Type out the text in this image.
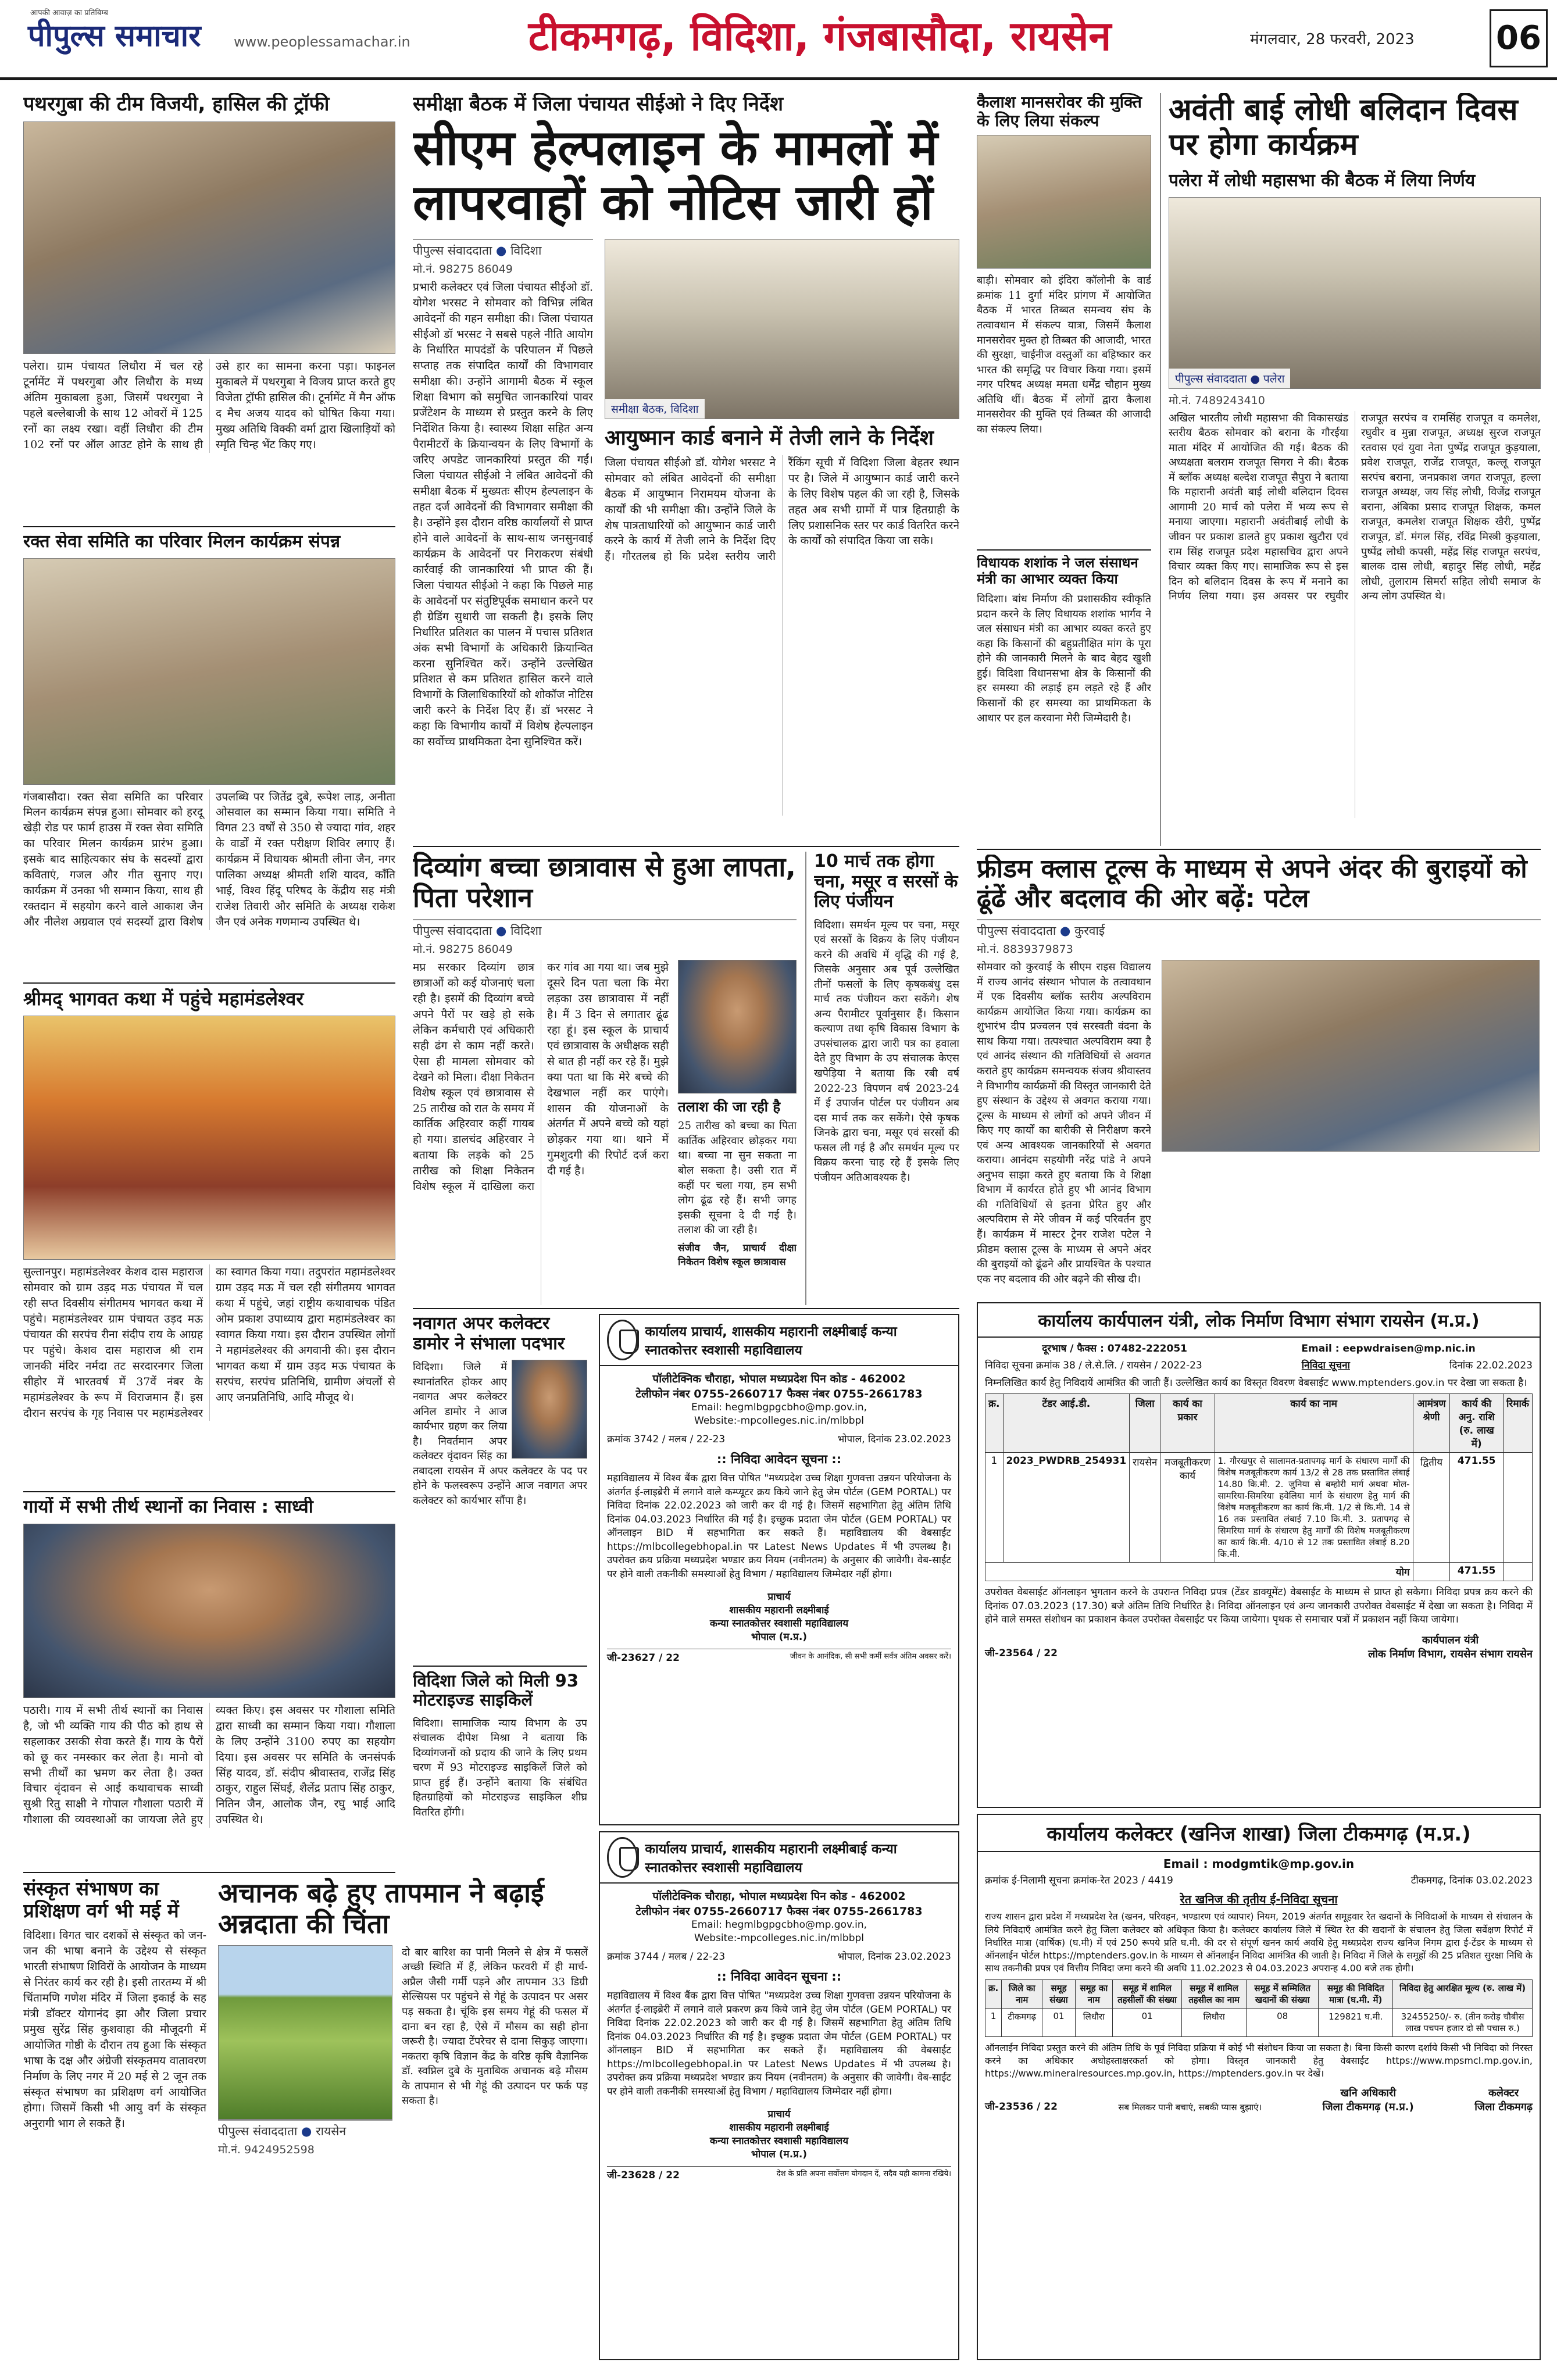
आपकी आवाज़ का प्रतिबिम्ब
पीपुल्स समाचार www.peoplessamachar.in	टीकमगढ़, विदिशा, गंजबासौदा, रायसेन	मंगलवार, 28 फरवरी, 2023	06
पथरगुबा की टीम विजयी, हासिल की ट्रॉफी
पलेरा। ग्राम पंचायत लिधौरा में चल रहे टूर्नामेंट में पथरगुबा और लिधौरा के मध्य अंतिम मुकाबला हुआ, जिसमें पथरगुबा ने पहले बल्लेबाजी के साथ 12 ओवरों में 125 रनों का लक्ष्य रखा। वहीं लिधौरा की टीम 102 रनों पर ऑल आउट होने के साथ ही उसे हार का सामना करना पड़ा। फाइनल मुकाबले में पथरगुबा ने विजय प्राप्त करते हुए विजेता ट्रॉफी हासिल की। टूर्नामेंट में मैन ऑफ द मैच अजय यादव को घोषित किया गया। मुख्य अतिथि विक्की वर्मा द्वारा खिलाड़ियों को स्मृति चिन्ह भेंट किए गए।
रक्त सेवा समिति का परिवार मिलन कार्यक्रम संपन्न
गंजबासौदा। रक्त सेवा समिति का परिवार मिलन कार्यक्रम संपन्न हुआ। सोमवार को हरदू खेड़ी रोड पर फार्म हाउस में रक्त सेवा समिति का परिवार मिलन कार्यक्रम प्रारंभ हुआ। इसके बाद साहित्यकार संघ के सदस्यों द्वारा कविताएं, गजल और गीत सुनाए गए। कार्यक्रम में उनका भी सम्मान किया, साथ ही रक्तदान में सहयोग करने वाले आकाश जैन और नीलेश अग्रवाल एवं सदस्यों द्वारा विशेष उपलब्धि पर जितेंद्र दुबे, रूपेश लाड़, अनीता ओसवाल का सम्मान किया गया। समिति ने विगत 23 वर्षों से 350 से ज्यादा गांव, शहर के वार्डों में रक्त परीक्षण शिविर लगाए हैं। कार्यक्रम में विधायक श्रीमती लीना जैन, नगर पालिका अध्यक्ष श्रीमती शशि यादव, काँति भाई, विश्व हिंदू परिषद के केंद्रीय सह मंत्री राजेश तिवारी और समिति के अध्यक्ष राकेश जैन एवं अनेक गणमान्य उपस्थित थे।
श्रीमद् भागवत कथा में पहुंचे महामंडलेश्वर
सुल्तानपुर। महामंडलेश्वर केशव दास महाराज सोमवार को ग्राम उड़द मऊ पंचायत में चल रही सप्त दिवसीय संगीतमय भागवत कथा में पहुंचे। महामंडलेश्वर ग्राम पंचायत उड़द मऊ पंचायत की सरपंच रीना संदीप राय के आग्रह पर पहुंचे। केशव दास महाराज श्री राम जानकी मंदिर नर्मदा तट सरदारनगर जिला सीहोर में भारतवर्ष में 37वें नंबर के महामंडलेश्वर के रूप में विराजमान हैं। इस दौरान सरपंच के गृह निवास पर महामंडलेश्वर का स्वागत किया गया। तदुपरांत महामंडलेश्वर ग्राम उड़द मऊ में चल रही संगीतमय भागवत कथा में पहुंचे, जहां राष्ट्रीय कथावाचक पंडित ओम प्रकाश उपाध्याय द्वारा महामंडलेश्वर का स्वागत किया गया। इस दौरान उपस्थित लोगों ने महामंडलेश्वर की अगवानी की। इस दौरान भागवत कथा में ग्राम उड़द मऊ पंचायत के सरपंच, सरपंच प्रतिनिधि, ग्रामीण अंचलों से आए जनप्रतिनिधि, आदि मौजूद थे।
गायों में सभी तीर्थ स्थानों का निवास : साध्वी
पठारी। गाय में सभी तीर्थ स्थानों का निवास है, जो भी व्यक्ति गाय की पीठ को हाथ से सहलाकर उसकी सेवा करते हैं। गाय के पैरों को छू कर नमस्कार कर लेता है। मानो वो सभी तीर्थों का भ्रमण कर लेता है। उक्त विचार वृंदावन से आई कथावाचक साध्वी सुश्री रितु साक्षी ने गोपाल गौशाला पठारी में गौशाला की व्यवस्थाओं का जायजा लेते हुए व्यक्त किए। इस अवसर पर गौशाला समिति द्वारा साध्वी का सम्मान किया गया। गौशाला के लिए उन्होंने 3100 रुपए का सहयोग दिया। इस अवसर पर समिति के जनसंपर्क सिंह यादव, डॉ. संदीप श्रीवास्तव, राजेंद्र सिंह ठाकुर, राहुल सिंघई, शैलेंद्र प्रताप सिंह ठाकुर, नितिन जैन, आलोक जैन, रघु भाई आदि उपस्थित थे।
संस्कृत संभाषण का प्रशिक्षण वर्ग भी मई में
विदिशा। विगत चार दशकों से संस्कृत को जन-जन की भाषा बनाने के उद्देश्य से संस्कृत भारती संभाषण शिविरों के आयोजन के माध्यम से निरंतर कार्य कर रही है। इसी तारतम्य में श्री चिंतामणि गणेश मंदिर में जिला इकाई के सह मंत्री डॉक्टर योगानंद झा और जिला प्रचार प्रमुख सुरेंद्र सिंह कुशवाहा की मौजूदगी में आयोजित गोष्ठी के दौरान तय हुआ कि संस्कृत भाषा के दक्ष और अंग्रेजी संस्कृतमय वातावरण निर्माण के लिए नगर में 20 मई से 2 जून तक संस्कृत संभाषण का प्रशिक्षण वर्ग आयोजित होगा। जिसमें किसी भी आयु वर्ग के संस्कृत अनुरागी भाग ले सकते हैं।
समीक्षा बैठक में जिला पंचायत सीईओ ने दिए निर्देश
सीएम हेल्पलाइन के मामलों में लापरवाहों को नोटिस जारी हों
पीपुल्स संवाददाता ● विदिशा
मो.नं. 98275 86049
प्रभारी कलेक्टर एवं जिला पंचायत सीईओ डॉ. योगेश भरसट ने सोमवार को विभिन्न लंबित आवेदनों की गहन समीक्षा की। जिला पंचायत सीईओ डॉ भरसट ने सबसे पहले नीति आयोग के निर्धारित मापदंडों के परिपालन में पिछले सप्ताह तक संपादित कार्यों की विभागवार समीक्षा की। उन्होंने आगामी बैठक में स्कूल शिक्षा विभाग को समुचित जानकारियां पावर प्रजेंटेशन के माध्यम से प्रस्तुत करने के लिए निर्देशित किया है। स्वास्थ्य शिक्षा सहित अन्य पैरामीटरों के क्रियान्वयन के लिए विभागों के जरिए अपडेट जानकारियां प्रस्तुत की गईं। जिला पंचायत सीईओ ने लंबित आवेदनों की समीक्षा बैठक में मुख्यतः सीएम हेल्पलाइन के तहत दर्ज आवेदनों की विभागवार समीक्षा की है। उन्होंने इस दौरान वरिष्ठ कार्यालयों से प्राप्त होने वाले आवेदनों के साथ-साथ जनसुनवाई कार्यक्रम के आवेदनों पर निराकरण संबंधी कार्रवाई की जानकारियां भी प्राप्त की हैं। जिला पंचायत सीईओ ने कहा कि पिछले माह के आवेदनों पर संतुष्टिपूर्वक समाधान करने पर ही ग्रेडिंग सुधारी जा सकती है। इसके लिए निर्धारित प्रतिशत का पालन में पचास प्रतिशत अंक सभी विभागों के अधिकारी क्रियान्वित करना सुनिश्चित करें। उन्होंने उल्लेखित प्रतिशत से कम प्रतिशत हासिल करने वाले विभागों के जिलाधिकारियों को शोकॉज नोटिस जारी करने के निर्देश दिए हैं। डॉ भरसट ने कहा कि विभागीय कार्यों में विशेष हेल्पलाइन का सर्वोच्च प्राथमिकता देना सुनिश्चित करें।
समीक्षा बैठक, विदिशा
आयुष्मान कार्ड बनाने में तेजी लाने के निर्देश
जिला पंचायत सीईओ डॉ. योगेश भरसट ने सोमवार को लंबित आवेदनों की समीक्षा बैठक में आयुष्मान निरामयम योजना के कार्यों की भी समीक्षा की। उन्होंने जिले के शेष पात्रताधारियों को आयुष्मान कार्ड जारी करने के कार्य में तेजी लाने के निर्देश दिए हैं। गौरतलब हो कि प्रदेश स्तरीय जारी रैंकिंग सूची में विदिशा जिला बेहतर स्थान पर है। जिले में आयुष्मान कार्ड जारी करने के लिए विशेष पहल की जा रही है, जिसके तहत अब सभी ग्रामों में पात्र हितग्राही के लिए प्रशासनिक स्तर पर कार्ड वितरित करने के कार्यों को संपादित किया जा सके।
दिव्यांग बच्चा छात्रावास से हुआ लापता, पिता परेशान
पीपुल्स संवाददाता ● विदिशा
मो.नं. 98275 86049
मप्र सरकार दिव्यांग छात्र छात्राओं को कई योजनाएं चला रही है। इसमें की दिव्यांग बच्चे अपने पैरों पर खड़े हो सके लेकिन कर्मचारी एवं अधिकारी सही ढंग से काम नहीं करते। ऐसा ही मामला सोमवार को देखने को मिला। दीक्षा निकेतन विशेष स्कूल एवं छात्रावास से 25 तारीख को रात के समय में कार्तिक अहिरवार कहीं गायब हो गया। डालचंद अहिरवार ने बताया कि लड़के को 25 तारीख को शिक्षा निकेतन विशेष स्कूल में दाखिला करा कर गांव आ गया था। जब मुझे दूसरे दिन पता चला कि मेरा लड़का उस छात्रावास में नहीं है। मैं 3 दिन से लगातार ढूंढ रहा हूं। इस स्कूल के प्राचार्य एवं छात्रावास के अधीक्षक सही से बात ही नहीं कर रहे हैं। मुझे क्या पता था कि मेरे बच्चे की देखभाल नहीं कर पाएंगे। शासन की योजनाओं के अंतर्गत में अपने बच्चे को यहां छोड़कर गया था। थाने में गुमशुदगी की रिपोर्ट दर्ज करा दी गई है।
तलाश की जा रही है
25 तारीख को बच्चा का पिता कार्तिक अहिरवार छोड़कर गया था। बच्चा ना सुन सकता ना बोल सकता है। उसी रात में कहीं पर चला गया, हम सभी लोग ढूंढ रहे हैं। सभी जगह इसकी सूचना दे दी गई है। तलाश की जा रही है।
संजीव जैन, प्राचार्य दीक्षा निकेतन विशेष स्कूल छात्रावास
10 मार्च तक होगा चना, मसूर व सरसों के लिए पंजीयन
विदिशा। समर्थन मूल्य पर चना, मसूर एवं सरसों के विक्रय के लिए पंजीयन करने की अवधि में वृद्धि की गई है, जिसके अनुसार अब पूर्व उल्लेखित तीनों फसलों के लिए कृषकबंधु दस मार्च तक पंजीयन करा सकेंगे। शेष अन्य पैरामीटर पूर्वानुसार हैं। किसान कल्याण तथा कृषि विकास विभाग के उपसंचालक द्वारा जारी पत्र का हवाला देते हुए विभाग के उप संचालक केएस खपेड़िया ने बताया कि रबी वर्ष 2022-23 विपणन वर्ष 2023-24 में ई उपार्जन पोर्टल पर पंजीयन अब दस मार्च तक कर सकेंगे। ऐसे कृषक जिनके द्वारा चना, मसूर एवं सरसों की फसल ली गई है और समर्थन मूल्य पर विक्रय करना चाह रहे हैं इसके लिए पंजीयन अतिआवश्यक है।
कार्यालय प्राचार्य, शासकीय महारानी लक्ष्मीबाई कन्या स्नातकोत्तर स्वशासी महाविद्यालय
पॉलीटेक्निक चौराहा, भोपाल मध्यप्रदेश पिन कोड - 462002
टेलीफोन नंबर 0755-2660717 फैक्स नंबर 0755-2661783
Email: hegmlbgpgcbho@mp.gov.in,
Website:-mpcolleges.nic.in/mlbbpl
क्रमांक 3742 / मलब / 22-23	भोपाल, दिनांक 23.02.2023
:: निविदा आवेदन सूचना ::
महाविद्यालय में विश्व बैंक द्वारा वित्त पोषित "मध्यप्रदेश उच्च शिक्षा गुणवत्ता उन्नयन परियोजना के अंतर्गत ई-लाइब्रेरी में लगाने वाले कम्प्यूटर क्रय किये जाने हेतु जेम पोर्टल (GEM PORTAL) पर निविदा दिनांक 22.02.2023 को जारी कर दी गई है। जिसमें सहभागिता हेतु अंतिम तिथि दिनांक 04.03.2023 निर्धारित की गई है। इच्छुक प्रदाता जेम पोर्टल (GEM PORTAL) पर ऑनलाइन BID में सहभागिता कर सकते हैं। महाविद्यालय की वेबसाईट https://mlbcollegebhopal.in पर Latest News Updates में भी उपलब्ध है। उपरोक्त क्रय प्रक्रिया मध्यप्रदेश भण्डार क्रय नियम (नवीनतम) के अनुसार की जावेगी। वेब-साईट पर होने वाली तकनीकी समस्याओं हेतु विभाग / महाविद्यालय जिम्मेदार नहीं होगा।
प्राचार्य
शासकीय महारानी लक्ष्मीबाई
कन्या स्नातकोत्तर स्वशासी महाविद्यालय
भोपाल (म.प्र.)
जी-23627 / 22	जीवन के आनंदिक, सी सभी कर्मी सर्वत्र अंतिम अवसर करें।
कार्यालय प्राचार्य, शासकीय महारानी लक्ष्मीबाई कन्या स्नातकोत्तर स्वशासी महाविद्यालय
पॉलीटेक्निक चौराहा, भोपाल मध्यप्रदेश पिन कोड - 462002
टेलीफोन नंबर 0755-2660717 फैक्स नंबर 0755-2661783
Email: hegmlbgpgcbho@mp.gov.in,
Website:-mpcolleges.nic.in/mlbbpl
क्रमांक 3744 / मलब / 22-23	भोपाल, दिनांक 23.02.2023
:: निविदा आवेदन सूचना ::
महाविद्यालय में विश्व बैंक द्वारा वित्त पोषित "मध्यप्रदेश उच्च शिक्षा गुणवत्ता उन्नयन परियोजना के अंतर्गत ई-लाइब्रेरी में लगाने वाले प्रकरण क्रय किये जाने हेतु जेम पोर्टल (GEM PORTAL) पर निविदा दिनांक 22.02.2023 को जारी कर दी गई है। जिसमें सहभागिता हेतु अंतिम तिथि दिनांक 04.03.2023 निर्धारित की गई है। इच्छुक प्रदाता जेम पोर्टल (GEM PORTAL) पर ऑनलाइन BID में सहभागिता कर सकते हैं। महाविद्यालय की वेबसाईट https://mlbcollegebhopal.in पर Latest News Updates में भी उपलब्ध है। उपरोक्त क्रय प्रक्रिया मध्यप्रदेश भण्डार क्रय नियम (नवीनतम) के अनुसार की जावेगी। वेब-साईट पर होने वाली तकनीकी समस्याओं हेतु विभाग / महाविद्यालय जिम्मेदार नहीं होगा।
प्राचार्य
शासकीय महारानी लक्ष्मीबाई
कन्या स्नातकोत्तर स्वशासी महाविद्यालय
भोपाल (म.प्र.)
जी-23628 / 22	देश के प्रति अपना सर्वोत्तम योगदान दें, सदैव यही कामना रखिये।
नवागत अपर कलेक्टर डामोर ने संभाला पदभार
विदिशा। जिले में स्थानांतरित होकर आए नवागत अपर कलेक्टर अनिल डामोर ने आज कार्यभार ग्रहण कर लिया है। निवर्तमान अपर कलेक्टर वृंदावन सिंह का तबादला रायसेन में अपर कलेक्टर के पद पर होने के फलस्वरूप उन्होंने आज नवागत अपर कलेक्टर को कार्यभार सौंपा है।
विदिशा जिले को मिली 93 मोटराइज्ड साइकिलें
विदिशा। सामाजिक न्याय विभाग के उप संचालक दीपेश मिश्रा ने बताया कि दिव्यांगजनों को प्रदाय की जाने के लिए प्रथम चरण में 93 मोटराइज्ड साइकिलें जिले को प्राप्त हुई हैं। उन्होंने बताया कि संबंधित हितग्राहियों को मोटराइज्ड साइकिल शीघ्र वितरित होंगी।
अचानक बढ़े हुए तापमान ने बढ़ाई अन्नदाता की चिंता
पीपुल्स संवाददाता ● रायसेन
मो.नं. 9424952598
दो बार बारिश का पानी मिलने से क्षेत्र में फसलें अच्छी स्थिति में हैं, लेकिन फरवरी में ही मार्च-अप्रैल जैसी गर्मी पड़ने और तापमान 33 डिग्री सेल्सियस पर पहुंचने से गेहूं के उत्पादन पर असर पड़ सकता है। चूंकि इस समय गेहूं की फसल में दाना बन रहा है, ऐसे में मौसम का सही होना जरूरी है। ज्यादा टेंपरेचर से दाना सिकुड़ जाएगा। नकतरा कृषि विज्ञान केंद्र के वरिष्ठ कृषि वैज्ञानिक डॉ. स्वप्निल दुबे के मुताबिक अचानक बढ़े मौसम के तापमान से भी गेहूं की उत्पादन पर फर्क पड़ सकता है।
कैलाश मानसरोवर की मुक्ति के लिए लिया संकल्प
बाड़ी। सोमवार को इंदिरा कॉलोनी के वार्ड क्रमांक 11 दुर्गा मंदिर प्रांगण में आयोजित बैठक में भारत तिब्बत समन्वय संघ के तत्वावधान में संकल्प यात्रा, जिसमें कैलाश मानसरोवर मुक्त हो तिब्बत की आजादी, भारत की सुरक्षा, चाईनीज वस्तुओं का बहिष्कार कर भारत की समृद्धि पर विचार किया गया। इसमें नगर परिषद अध्यक्ष ममता धर्मेंद्र चौहान मुख्य अतिथि थीं। बैठक में लोगों द्वारा कैलाश मानसरोवर की मुक्ति एवं तिब्बत की आजादी का संकल्प लिया।
विधायक शशांक ने जल संसाधन मंत्री का आभार व्यक्त किया
विदिशा। बांध निर्माण की प्रशासकीय स्वीकृति प्रदान करने के लिए विधायक शशांक भार्गव ने जल संसाधन मंत्री का आभार व्यक्त करते हुए कहा कि किसानों की बहुप्रतीक्षित मांग के पूरा होने की जानकारी मिलने के बाद बेहद खुशी हुई। विदिशा विधानसभा क्षेत्र के किसानों की हर समस्या की लड़ाई हम लड़ते रहे हैं और किसानों की हर समस्या का प्राथमिकता के आधार पर हल करवाना मेरी जिम्मेदारी है।
अवंती बाई लोधी बलिदान दिवस पर होगा कार्यक्रम
पलेरा में लोधी महासभा की बैठक में लिया निर्णय
पीपुल्स संवाददाता ● पलेरा
मो.नं. 7489243410
अखिल भारतीय लोधी महासभा की विकासखंड स्तरीय बैठक सोमवार को बराना के गौरईया माता मंदिर में आयोजित की गई। बैठक की अध्यक्षता बलराम राजपूत सिगरा ने की। बैठक में ब्लॉक अध्यक्ष बल्देश राजपूत सैपुरा ने बताया कि महारानी अवंती बाई लोधी बलिदान दिवस आगामी 20 मार्च को पलेरा में भव्य रूप से मनाया जाएगा। महारानी अवंतीबाई लोधी के जीवन पर प्रकाश डालते हुए प्रकाश खुटौरा एवं राम सिंह राजपूत प्रदेश महासचिव द्वारा अपने विचार व्यक्त किए गए। सामाजिक रूप से इस दिन को बलिदान दिवस के रूप में मनाने का निर्णय लिया गया। इस अवसर पर रघुवीर राजपूत सरपंच व रामसिंह राजपूत व कमलेश, रघुवीर व मुन्ना राजपूत, अध्यक्ष सुरज राजपूत रतवास एवं युवा नेता पुष्पेंद्र राजपूत कुड़याला, प्रवेश राजपूत, राजेंद्र राजपूत, कल्लू राजपूत सरपंच बराना, जनप्रकाश जगत राजपूत, हल्ला राजपूत अध्यक्ष, जय सिंह लोधी, विजेंद्र राजपूत बराना, अंबिका प्रसाद राजपूत शिक्षक, कमल राजपूत, कमलेश राजपूत शिक्षक खैरी, पुष्पेंद्र राजपूत, डॉ. मंगल सिंह, रविंद्र मिस्त्री कुड़याला, पुष्पेंद्र लोधी कपसी, महेंद्र सिंह राजपूत सरपंच, बालक दास लोधी, बहादुर सिंह लोधी, महेंद्र लोधी, तुलाराम सिमर्रा सहित लोधी समाज के अन्य लोग उपस्थित थे।
फ्रीडम क्लास टूल्स के माध्यम से अपने अंदर की बुराइयों को ढूंढें और बदलाव की ओर बढ़ें: पटेल
पीपुल्स संवाददाता ● कुरवाई
मो.नं. 8839379873
सोमवार को कुरवाई के सीएम राइस विद्यालय में राज्य आनंद संस्थान भोपाल के तत्वावधान में एक दिवसीय ब्लॉक स्तरीय अल्पविराम कार्यक्रम आयोजित किया गया। कार्यक्रम का शुभारंभ दीप प्रज्वलन एवं सरस्वती वंदना के साथ किया गया। तत्पश्चात अल्पविराम क्या है एवं आनंद संस्थान की गतिविधियों से अवगत कराते हुए कार्यक्रम समन्वयक संजय श्रीवास्तव ने विभागीय कार्यक्रमों की विस्तृत जानकारी देते हुए संस्थान के उद्देश्य से अवगत कराया गया। टूल्स के माध्यम से लोगों को अपने जीवन में किए गए कार्यों का बारीकी से निरीक्षण करने एवं अन्य आवश्यक जानकारियों से अवगत कराया। आनंदम सहयोगी नरेंद्र पांडे ने अपने अनुभव साझा करते हुए बताया कि वे शिक्षा विभाग में कार्यरत होते हुए भी आनंद विभाग की गतिविधियों से इतना प्रेरित हुए और अल्पविराम से मेरे जीवन में कई परिवर्तन हुए हैं। कार्यक्रम में मास्टर ट्रेनर राजेश पटेल ने फ्रीडम क्लास टूल्स के माध्यम से अपने अंदर की बुराइयों को ढूंढने और प्रायश्चित के पश्चात एक नए बदलाव की ओर बढ़ने की सीख दी।
कार्यालय कार्यपालन यंत्री, लोक निर्माण विभाग संभाग रायसेन (म.प्र.)
दूरभाष / फैक्स : 07482-222051	Email : eepwdraisen@mp.nic.in
निविदा सूचना क्रमांक 38 / ले.से.लि. / रायसेन / 2022-23	निविदा सूचना	दिनांक 22.02.2023
निम्नलिखित कार्य हेतु निविदायें आमंत्रित की जाती हैं। उल्लेखित कार्य का विस्तृत विवरण वेबसाईट www.mptenders.gov.in पर देखा जा सकता है।
क्र.	टेंडर आई.डी.	जिला	कार्य का प्रकार	कार्य का नाम	आमंत्रण श्रेणी	कार्य की अनु. राशि (रु. लाख में)	रिमार्क
1	2023_PWDRB_254931	रायसेन	मजबूतीकरण कार्य	1. गौरखपुर से सालामत-प्रतापगढ़ मार्ग के संधारण मार्गों की विशेष मजबूतीकरण कार्य 13/2 से 28 तक प्रस्तावित लंबाई 14.80 कि.मी. 2. जुनिया से बम्होरी मार्ग अथवा मोल-सामरिया-सिमरिया हवेलिया मार्ग के संधारण हेतु मार्ग की विशेष मजबूतीकरण का कार्य कि.मी. 1/2 से कि.मी. 14 से 16 तक प्रस्तावित लंबाई 7.10 कि.मी. 3. प्रतापगढ़ से सिमरिया मार्ग के संधारण हेतु मार्गों की विशेष मजबूतीकरण का कार्य कि.मी. 4/10 से 12 तक प्रस्तावित लंबाई 8.20 कि.मी.	द्वितीय	471.55	
योग						471.55	
उपरोक्त वेबसाईट ऑनलाइन भुगतान करने के उपरान्त निविदा प्रपत्र (टेंडर डाक्यूमेंट) वेबसाईट के माध्यम से प्राप्त हो सकेगा। निविदा प्रपत्र क्रय करने की दिनांक 07.03.2023 (17.30) बजे अंतिम तिथि निर्धारित है। निविदा ऑनलाइन एवं अन्य जानकारी उपरोक्त वेबसाईट में देखा जा सकता है। निविदा में होने वाले समस्त संशोधन का प्रकाशन केवल उपरोक्त वेबसाईट पर किया जायेगा। पृथक से समाचार पत्रों में प्रकाशन नहीं किया जायेगा।
जी-23564 / 22
कार्यपालन यंत्री
लोक निर्माण विभाग, रायसेन संभाग रायसेन
कार्यालय कलेक्टर (खनिज शाखा) जिला टीकमगढ़ (म.प्र.)
Email : modgmtik@mp.gov.in
क्रमांक ई-निलामी सूचना क्रमांक-रेत 2023 / 4419	टीकमगढ़, दिनांक 03.02.2023
रेत खनिज की तृतीय ई-निविदा सूचना
राज्य शासन द्वारा प्रदेश में मध्यप्रदेश रेत (खनन, परिवहन, भण्डारण एवं व्यापार) नियम, 2019 अंतर्गत समूहवार रेत खदानों के निविदाओं के माध्यम से संचालन के लिये निविदाएँ आमंत्रित करने हेतु जिला कलेक्टर को अधिकृत किया है। कलेक्टर कार्यालय जिले में स्थित रेत की खदानों के संचालन हेतु जिला सर्वेक्षण रिपोर्ट में निर्धारित मात्रा (वार्षिक) (घ.मी) में एवं 250 रूपये प्रति घ.मी. की दर से संपूर्ण खनन कार्य अवधि हेतु मध्यप्रदेश राज्य खनिज निगम द्वारा ई-टेंडर के माध्यम से ऑनलाईन पोर्टल https://mptenders.gov.in के माध्यम से ऑनलाईन निविदा आमंत्रित की जाती है। निविदा में जिले के समूहों की 25 प्रतिशत सुरक्षा निधि के साथ तकनीकी प्रपत्र एवं वित्तीय निविदा जमा करने की अवधि 11.02.2023 से 04.03.2023 अपरान्ह 4.00 बजे तक होगी।
क्र.	जिले का नाम	समूह संख्या	समूह का नाम	समूह में शामिल तहसीलों की संख्या	समूह में शामिल तहसील का नाम	समूह में सम्मिलित खदानों की संख्या	समूह की निविदित मात्रा (घ.मी. में)	निविदा हेतु आरक्षित मूल्य (रु. लाख में)
1	टीकमगढ़	01	लिधौरा	01	लिधौरा	08	129821 घ.मी.	32455250/- रु. (तीन करोड़ चौबीस लाख पचपन हजार दो सौ पचास रु.)
ऑनलाईन निविदा प्रस्तुत करने की अंतिम तिथि के पूर्व निविदा प्रक्रिया में कोई भी संशोधन किया जा सकता है। बिना किसी कारण दर्शाये किसी भी निविदा को निरस्त करने का अधिकार अधोहस्ताक्षरकर्ता को होगा। विस्तृत जानकारी हेतु वेबसाईट https://www.mpsmcl.mp.gov.in, https://www.mineralresources.mp.gov.in, https://mptenders.gov.in पर देखें।
जी-23536 / 22	सब मिलकर पानी बचाएं, सबकी प्यास बुझाएं।
खनि अधिकारी
जिला टीकमगढ़ (म.प्र.)
कलेक्टर
जिला टीकमगढ़
